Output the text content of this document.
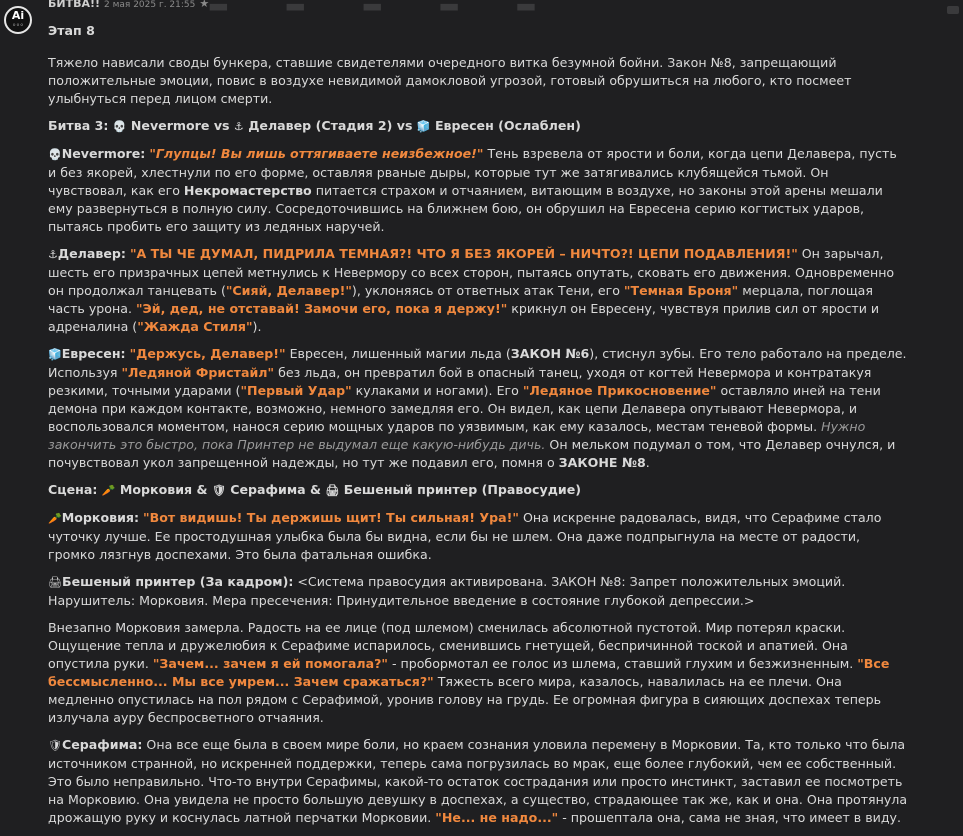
Ai
◦◦◦
БИТВА!! 2 мая 2025 г. 21:55 ★

Этап 8

Тяжело нависали своды бункера, ставшие свидетелями очередного витка безумной бойни. Закон №8, запрещающий положительные эмоции, повис в воздухе невидимой дамокловой угрозой, готовый обрушиться на любого, кто посмеет улыбнуться перед лицом смерти.

Битва 3: 💀 Nevermore vs ⚓ Делавер (Стадия 2) vs 🧊 Евресен (Ослаблен)

💀Nevermore: "Глупцы! Вы лишь оттягиваете неизбежное!" Тень взревела от ярости и боли, когда цепи Делавера, пусть и без якорей, хлестнули по его форме, оставляя рваные дыры, которые тут же затягивались клубящейся тьмой. Он чувствовал, как его Некромастерство питается страхом и отчаянием, витающим в воздухе, но законы этой арены мешали ему развернуться в полную силу. Сосредоточившись на ближнем бою, он обрушил на Евресена серию когтистых ударов, пытаясь пробить его защиту из ледяных наручей.

⚓Делавер: "А ТЫ ЧЕ ДУМАЛ, ПИДРИЛА ТЕМНАЯ?! ЧТО Я БЕЗ ЯКОРЕЙ – НИЧТО?! ЦЕПИ ПОДАВЛЕНИЯ!" Он зарычал, шесть его призрачных цепей метнулись к Невермору со всех сторон, пытаясь опутать, сковать его движения. Одновременно он продолжал танцевать ("Сияй, Делавер!"), уклоняясь от ответных атак Тени, его "Темная Броня" мерцала, поглощая часть урона. "Эй, дед, не отставай! Замочи его, пока я держу!" крикнул он Евресену, чувствуя прилив сил от ярости и адреналина ("Жажда Стиля").

🧊Евресен: "Держусь, Делавер!" Евресен, лишенный магии льда (ЗАКОН №6), стиснул зубы. Его тело работало на пределе. Используя "Ледяной Фристайл" без льда, он превратил бой в опасный танец, уходя от когтей Невермора и контратакуя резкими, точными ударами ("Первый Удар" кулаками и ногами). Его "Ледяное Прикосновение" оставляло иней на тени демона при каждом контакте, возможно, немного замедляя его. Он видел, как цепи Делавера опутывают Невермора, и воспользовался моментом, нанося серию мощных ударов по уязвимым, как ему казалось, местам теневой формы. Нужно закончить это быстро, пока Принтер не выдумал еще какую-нибудь дичь. Он мельком подумал о том, что Делавер очнулся, и почувствовал укол запрещенной надежды, но тут же подавил его, помня о ЗАКОНЕ №8.

Сцена: 🥕 Морковия & 🛡 Серафима & 🖨 Бешеный принтер (Правосудие)

🥕Морковия: "Вот видишь! Ты держишь щит! Ты сильная! Ура!" Она искренне радовалась, видя, что Серафиме стало чуточку лучше. Ее простодушная улыбка была бы видна, если бы не шлем. Она даже подпрыгнула на месте от радости, громко лязгнув доспехами. Это была фатальная ошибка.

🖨Бешеный принтер (За кадром): <Система правосудия активирована. ЗАКОН №8: Запрет положительных эмоций. Нарушитель: Морковия. Мера пресечения: Принудительное введение в состояние глубокой депрессии.>

Внезапно Морковия замерла. Радость на ее лице (под шлемом) сменилась абсолютной пустотой. Мир потерял краски. Ощущение тепла и дружелюбия к Серафиме испарилось, сменившись гнетущей, беспричинной тоской и апатией. Она опустила руки. "Зачем... зачем я ей помогала?" - пробормотал ее голос из шлема, ставший глухим и безжизненным. "Все бессмысленно... Мы все умрем... Зачем сражаться?" Тяжесть всего мира, казалось, навалилась на ее плечи. Она медленно опустилась на пол рядом с Серафимой, уронив голову на грудь. Ее огромная фигура в сияющих доспехах теперь излучала ауру беспросветного отчаяния.

🛡Серафима: Она все еще была в своем мире боли, но краем сознания уловила перемену в Морковии. Та, кто только что была источником странной, но искренней поддержки, теперь сама погрузилась во мрак, еще более глубокий, чем ее собственный. Это было неправильно. Что-то внутри Серафимы, какой-то остаток сострадания или просто инстинкт, заставил ее посмотреть на Морковию. Она увидела не просто большую девушку в доспехах, а существо, страдающее так же, как и она. Она протянула дрожащую руку и коснулась латной перчатки Морковии. "Не... не надо..." - прошептала она, сама не зная, что имеет в виду.
